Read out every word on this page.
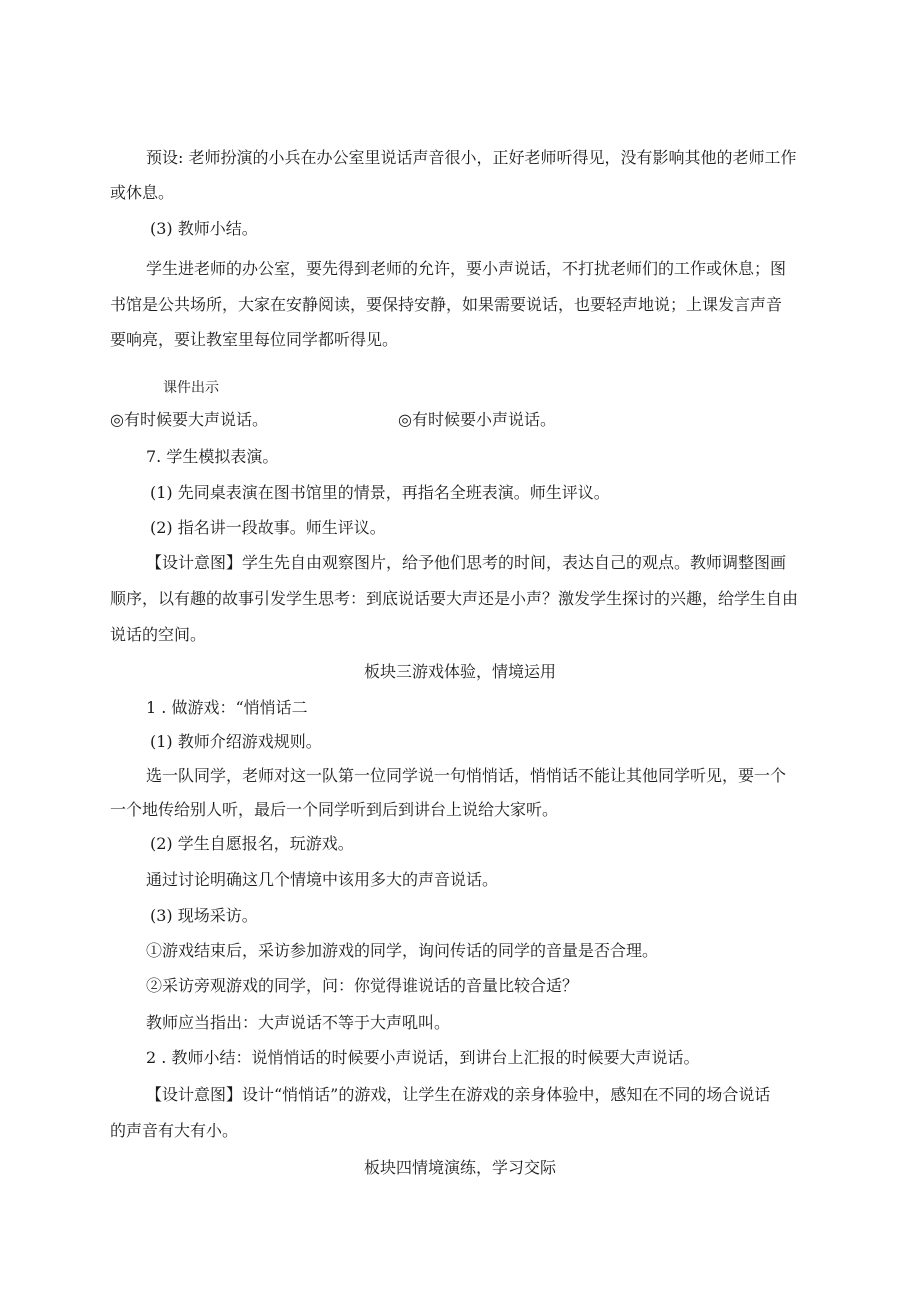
预设: 老师扮演的小兵在办公室里说话声音很小，正好老师听得见，没有影响其他的老师工作
或休息。
(3) 教师小结。
学生进老师的办公室，要先得到老师的允许，要小声说话，不打扰老师们的工作或休息；图
书馆是公共场所，大家在安静阅读，要保持安静，如果需要说话，也要轻声地说；上课发言声音
要响亮，要让教室里每位同学都听得见。
课件出示
◎有时候要大声说话。	◎有时候要小声说话。
7. 学生模拟表演。
(1) 先同桌表演在图书馆里的情景，再指名全班表演。师生评议。
(2) 指名讲一段故事。师生评议。
【设计意图】学生先自由观察图片，给予他们思考的时间，表达自己的观点。教师调整图画
顺序，以有趣的故事引发学生思考：到底说话要大声还是小声？激发学生探讨的兴趣，给学生自由
说话的空间。
板块三游戏体验，情境运用
1 . 做游戏：“悄悄话二
(1) 教师介绍游戏规则。
选一队同学，老师对这一队第一位同学说一句悄悄话，悄悄话不能让其他同学听见，要一个
一个地传给别人听，最后一个同学听到后到讲台上说给大家听。
(2) 学生自愿报名，玩游戏。
通过讨论明确这几个情境中该用多大的声音说话。
(3) 现场采访。
①游戏结束后，采访参加游戏的同学，询问传话的同学的音量是否合理。
②采访旁观游戏的同学，问：你觉得谁说话的音量比较合适？
教师应当指出：大声说话不等于大声吼叫。
2 . 教师小结：说悄悄话的时候要小声说话，到讲台上汇报的时候要大声说话。
【设计意图】设计“悄悄话”的游戏，让学生在游戏的亲身体验中，感知在不同的场合说话
的声音有大有小。
板块四情境演练，学习交际
